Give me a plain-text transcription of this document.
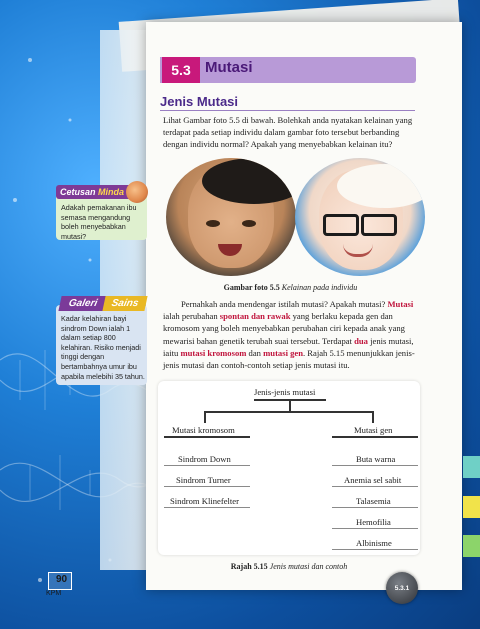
5.3 Mutasi
Jenis Mutasi
Lihat Gambar foto 5.5 di bawah. Bolehkah anda nyatakan kelainan yang terdapat pada setiap individu dalam gambar foto tersebut berbanding dengan individu normal? Apakah yang menyebabkan kelainan itu?
Gambar foto 5.5 Kelainan pada individu
Pernahkah anda mendengar istilah mutasi? Apakah mutasi? Mutasi ialah perubahan spontan dan rawak yang berlaku kepada gen dan kromosom yang boleh menyebabkan perubahan ciri kepada anak yang mewarisi bahan genetik terubah suai tersebut. Terdapat dua jenis mutasi, iaitu mutasi kromosom dan mutasi gen. Rajah 5.15 menunjukkan jenis-jenis mutasi dan contoh-contoh setiap jenis mutasi itu.
Jenis-jenis mutasi
Mutasi kromosom	Mutasi gen
Sindrom Down
Sindrom Turner
Sindrom Klinefelter
Buta warna
Anemia sel sabit
Talasemia
Hemofilia
Albinisme
Rajah 5.15 Jenis mutasi dan contoh
Cetusan Minda
Adakah pemakanan ibu semasa mengandung boleh menyebabkan mutasi?
Galeri	Sains
Kadar kelahiran bayi sindrom Down ialah 1 dalam setiap 800 kelahiran. Risiko menjadi tinggi dengan bertambahnya umur ibu apabila melebihi 35 tahun.
90
KPM
5.3.1
